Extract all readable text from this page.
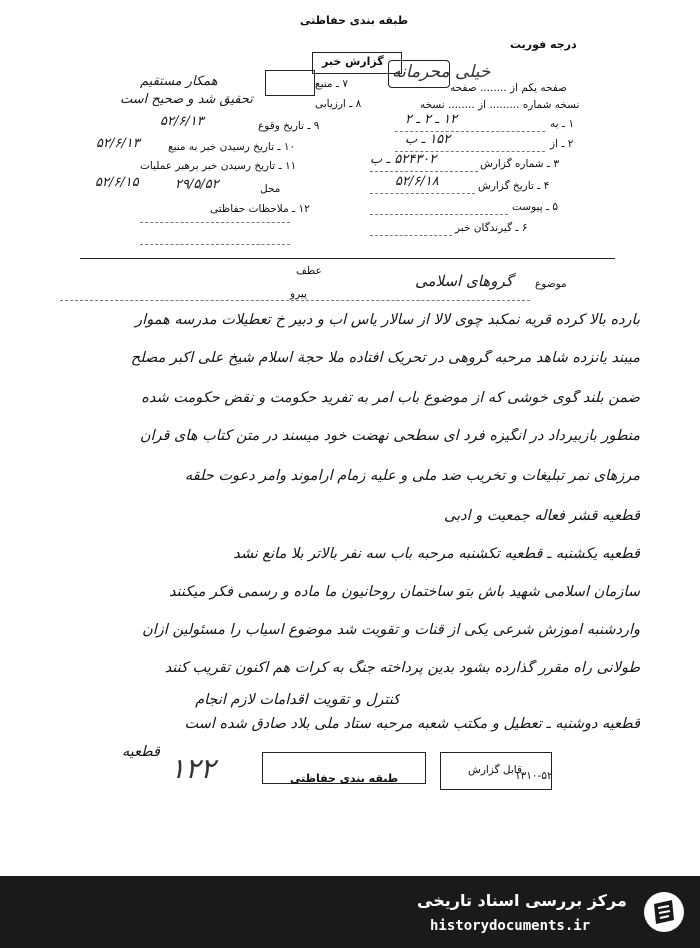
طبقه بندی حفاظتی
درجه فوریت
گزارش خبر
خیلی محرمانه
صفحه یکم از ........ صفحه
نسخه شماره ......... از ........ نسخه
۱ ـ به
۱۲ ـ ۲ ـ ۲
۲ ـ از
۱۵۲ ـ ب
۳ ـ شماره گزارش
۵۲۴۳۰۲ ـ ب
۴ ـ تاریخ گزارش
۵۲/۶/۱۸
۵ ـ پیوست
۶ ـ گیرندگان خبر
۷ ـ منبع
همکار مستقیم
۸ ـ ارزیابی
تحقیق شد و صحیح است
۹ ـ تاریخ وقوع
۵۲/۶/۱۳
۱۰ ـ تاریخ رسیدن خبر به منبع
۵۲/۶/۱۳
۱۱ ـ تاریخ رسیدن خبر برهبر عملیات
۵۲/۶/۱۵	محل
۲۹/۵/۵۲
۱۲ ـ ملاحظات حفاظتی
عطف
پیرو
موضوع
گروهای اسلامی
بارده بالا کرده قریه نمکبد چوی لالا از سالار یاس اب و دبیر خ تعطیلات مدرسه هموار
میبند یانزده شاهد مرحبه گروهی در تحریک افتاده ملا حجة اسلام شیخ علی اکبر مصلح
ضمن بلند گوی خوشی که از موضوع باب امر به تفرید حکومت و نقض حکومت شده
منطور بازبیرداد در انگیزه فرد ای سطحی نهضت خود میسند در متن کتاب های قرآن
مرزهای نمر تبلیغات و تخریب ضد ملی و علیه زمام آراموند وامر دعوت حلقه
قطعیه قشر فعاله جمعیت و ادبی
قطعیه یکشنبه ـ قطعیه تکشنبه مرحبه باب سه نفر بالاتر بلا مانع نشد
سازمان اسلامی شهید باش بتو ساختمان روحانیون ما ماده و رسمی فکر میکنند
واردشنبه آموزش شرعی یکی از قنات و تقویت شد موضوع آسیاب را مسئولین ازان
طولانی راه مقرر گذارده بشود بدین پرداخته جنگ به کرات هم اکنون تقریب کنند
کنترل و تقویت اقدامات لازم انجام
قطعیه دوشنبه ـ تعطیل و مکتب شعبه مرحبه ستاد ملی بلاد صادق شده است
قطعیه ۱۲۲	طبقه بندی حفاظتی
قابل گزارش
۱۳۱۰-۵۲
مرکز بررسی اسناد تاریخی
historydocuments.ir
